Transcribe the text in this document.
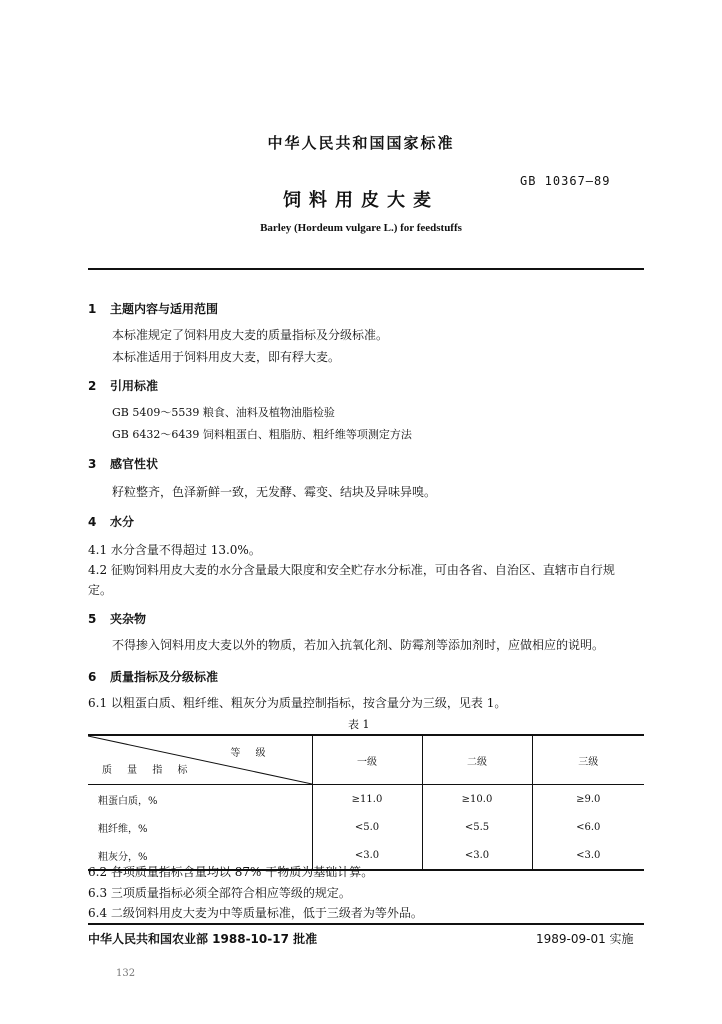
中华人民共和国国家标准
GB 10367—89
饲料用皮大麦
Barley (Hordeum vulgare L.) for feedstuffs
1 主题内容与适用范围
本标准规定了饲料用皮大麦的质量指标及分级标准。
本标准适用于饲料用皮大麦，即有稃大麦。
2 引用标准
GB 5409～5539 粮食、油料及植物油脂检验
GB 6432～6439 饲料粗蛋白、粗脂肪、粗纤维等项测定方法
3 感官性状
籽粒整齐，色泽新鲜一致，无发酵、霉变、结块及异味异嗅。
4 水分
4.1 水分含量不得超过 13.0%。
4.2 征购饲料用皮大麦的水分含量最大限度和安全贮存水分标准，可由各省、自治区、直辖市自行规
定。
5 夹杂物
不得掺入饲料用皮大麦以外的物质，若加入抗氧化剂、防霉剂等添加剂时，应做相应的说明。
6 质量指标及分级标准
6.1 以粗蛋白质、粗纤维、粗灰分为质量控制指标，按含量分为三级，见表 1。
表 1
等 级
质 量 指 标	一级	二级	三级
粗蛋白质，%	≥11.0	≥10.0	≥9.0
粗纤维，%	<5.0	<5.5	<6.0
粗灰分，%	<3.0	<3.0	<3.0
6.2 各项质量指标含量均以 87% 干物质为基础计算。
6.3 三项质量指标必须全部符合相应等级的规定。
6.4 二级饲料用皮大麦为中等质量标准，低于三级者为等外品。
中华人民共和国农业部 1988-10-17 批准	1989-09-01 实施
132
